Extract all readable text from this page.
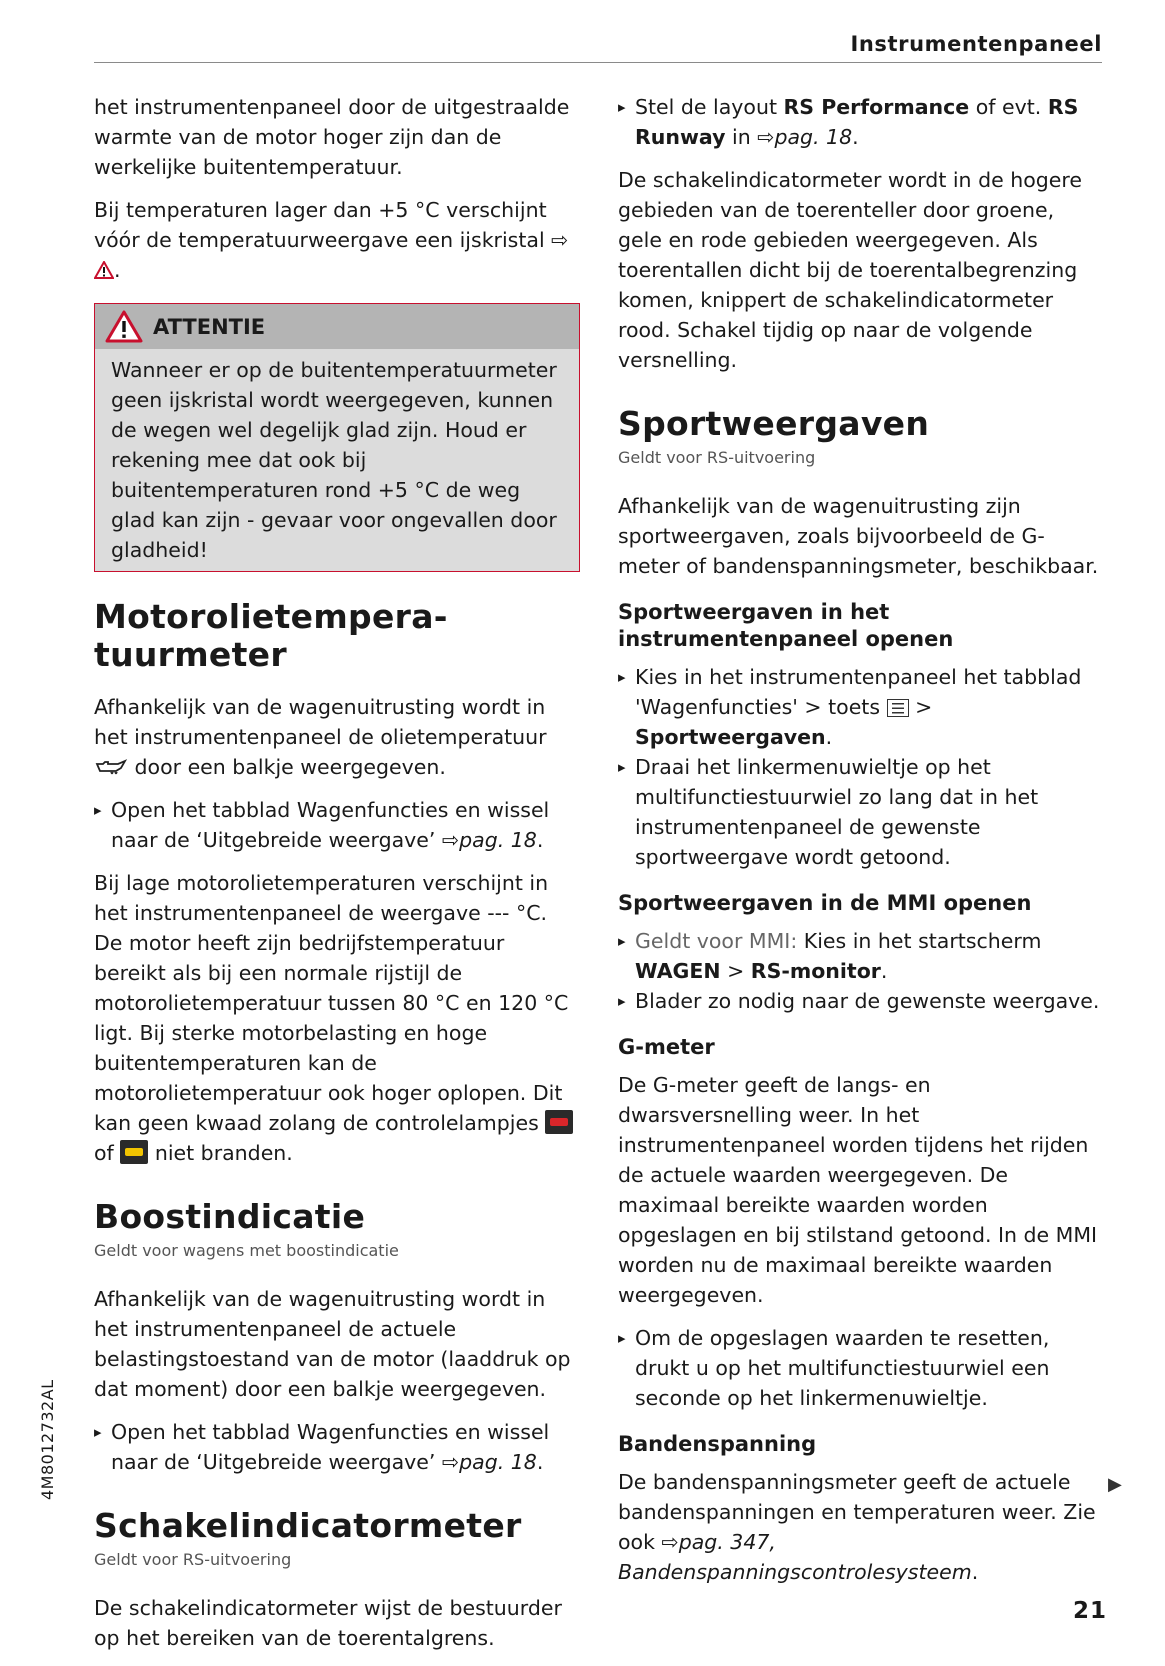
Instrumentenpaneel

het instrumentenpaneel door de uitgestraalde warmte van de motor hoger zijn dan de werkelijke buitentemperatuur.

Bij temperaturen lager dan +5 °C verschijnt vóór de temperatuurweergave een ijskristal ⇨ .

ATTENTIE

Wanneer er op de buitentemperatuurmeter geen ijskristal wordt weergegeven, kunnen de wegen wel degelijk glad zijn. Houd er rekening mee dat ook bij buitentemperaturen rond +5 °C de weg glad kan zijn - gevaar voor ongevallen door gladheid!

Motorolietempera-
tuurmeter

Afhankelijk van de wagenuitrusting wordt in het instrumentenpaneel de olietemperatuur  door een balkje weergegeven.

▸ Open het tabblad Wagenfuncties en wissel naar de ‘Uitgebreide weergave’ ⇨pag. 18.

Bij lage motorolietemperaturen verschijnt in het instrumentenpaneel de weergave --- °C. De motor heeft zijn bedrijfstemperatuur bereikt als bij een normale rijstijl de motorolietemperatuur tussen 80 °C en 120 °C ligt. Bij sterke motorbelasting en hoge buitentemperaturen kan de motorolietemperatuur ook hoger oplopen. Dit kan geen kwaad zolang de controlelampjes  of niet branden.

Boostindicatie

Geldt voor wagens met boostindicatie

Afhankelijk van de wagenuitrusting wordt in het instrumentenpaneel de actuele belastingstoestand van de motor (laaddruk op dat moment) door een balkje weergegeven.

▸ Open het tabblad Wagenfuncties en wissel naar de ‘Uitgebreide weergave’ ⇨pag. 18.

Schakelindicatormeter

Geldt voor RS-uitvoering

De schakelindicatormeter wijst de bestuurder op het bereiken van de toerentalgrens.

▸ Stel de layout RS Performance of evt. RS Runway in ⇨pag. 18.

De schakelindicatormeter wordt in de hogere gebieden van de toerenteller door groene, gele en rode gebieden weergegeven. Als toerentallen dicht bij de toerentalbegrenzing komen, knippert de schakelindicatormeter rood. Schakel tijdig op naar de volgende versnelling.

Sportweergaven

Geldt voor RS-uitvoering

Afhankelijk van de wagenuitrusting zijn sportweergaven, zoals bijvoorbeeld de G-meter of bandenspanningsmeter, beschikbaar.

Sportweergaven in het instrumentenpaneel openen

▸ Kies in het instrumentenpaneel het tabblad 'Wagenfuncties' > toets > Sportweergaven.

▸ Draai het linkermenuwieltje op het multifunctiestuurwiel zo lang dat in het instrumentenpaneel de gewenste sportweergave wordt getoond.

Sportweergaven in de MMI openen

▸ Geldt voor MMI: Kies in het startscherm WAGEN > RS-monitor.

▸ Blader zo nodig naar de gewenste weergave.

G-meter

De G-meter geeft de langs- en dwarsversnelling weer. In het instrumentenpaneel worden tijdens het rijden de actuele waarden weergegeven. De maximaal bereikte waarden worden opgeslagen en bij stilstand getoond. In de MMI worden nu de maximaal bereikte waarden weergegeven.

▸ Om de opgeslagen waarden te resetten, drukt u op het multifunctiestuurwiel een seconde op het linkermenuwieltje.

Bandenspanning

De bandenspanningsmeter geeft de actuele bandenspanningen en temperaturen weer. Zie ook ⇨pag. 347, Bandenspanningscontrolesysteem.

▶
4M8012732AL
21
